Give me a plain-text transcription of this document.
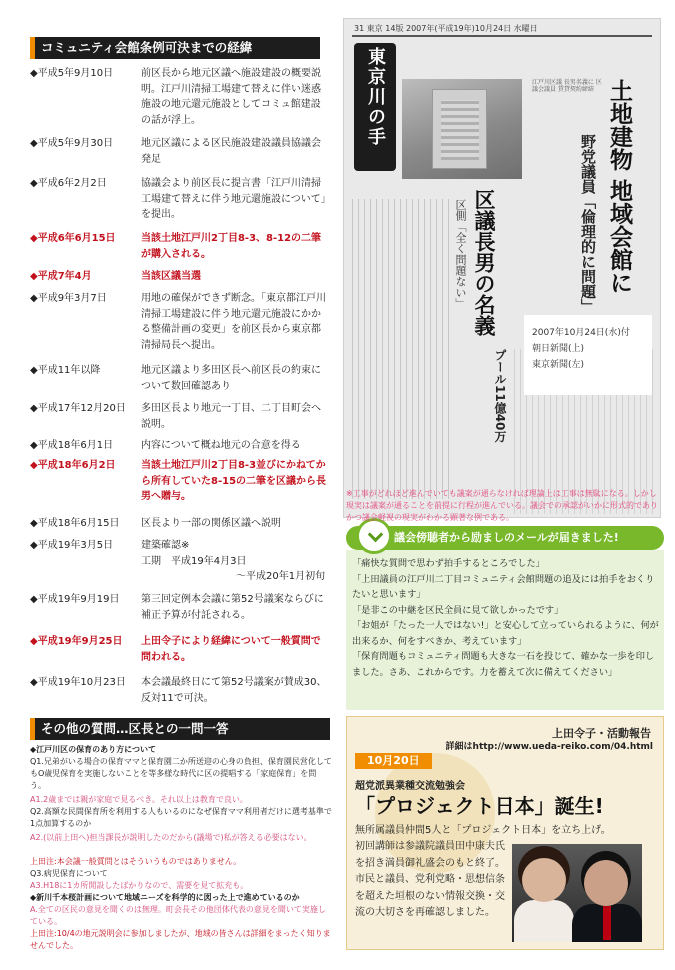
コミュニティ会館条例可決までの経緯
◆平成5年9月10日	前区長から地元区議へ施設建設の概要説明。江戸川清掃工場建て替えに伴い迷惑施設の地元還元施設としてコミュ館建設の話が浮上。
◆平成5年9月30日	地元区議による区民施設建設議員協議会発足
◆平成6年2月2日	協議会より前区長に提言書「江戸川清掃工場建て替えに伴う地元還施設について」を提出。
◆平成6年6月15日	当該土地江戸川2丁目8-3、8-12の二筆が購入される。
◆平成7年4月	当該区議当選
◆平成9年3月7日	用地の確保ができず断念。「東京都江戸川清掃工場建設に伴う地元還元施設にかかる整備計画の変更」を前区長から東京都清掃局長へ提出。
◆平成11年以降	地元区議より多田区長へ前区長の約束について数回確認あり
◆平成17年12月20日	多田区長より地元一丁目、二丁目町会へ説明。
◆平成18年6月1日	内容について概ね地元の合意を得る
◆平成18年6月2日	当該土地江戸川2丁目8-3並びにかねてから所有していた8-15の二筆を区議から長男へ贈与。
◆平成18年6月15日	区長より一部の関係区議へ説明
◆平成19年3月5日	建築確認※
工期　平成19年4月3日
～平成20年1月初旬
◆平成19年9月19日	第三回定例本会議に第52号議案ならびに補正予算が付託される。
◆平成19年9月25日	上田令子により経緯について一般質問で問われる。
◆平成19年10月23日	本会議最終日にて第52号議案が賛成30、反対11で可決。
その他の質問…区長との一問一答
◆江戸川区の保育のあり方について
Q1.兄弟がいる場合の保育ママと保育園二か所送迎の心身の負担、保育園民営化してもO歳児保育を実施しないことを等多様な時代に区の提唱する「家庭保育」を問う。
A1.2歳までは親が家庭で見るべき。それ以上は教育で良い。
Q2.高額な民間保育所を利用する人もいるのになぜ保育ママ利用者だけに選考基準で1点加算するのか
A2.(以前上田へ)担当課長が説明したのだから(議場で)私が答える必要はない。
上田注:本会議一般質問とはそういうものではありません。
Q3.病児保育について
A3.H18に1カ所開設したばかりなので、需要を見て拡充も。
◆新川千本桜計画について地域ニーズを科学的に図った上で進めているのか
A.全ての区民の意見を聞くのは無理。町会長その他団体代表の意見を聞いて実施している。
上田注:10/4の地元説明会に参加しましたが、地域の皆さんは詳細をまったく知りませんでした。
31 東京 14版 2007年(平成19年)10月24日 水曜日
東京川の手
江戸川区議 長男名義に 区議会議員 賃貸契約締結 土地建物 地域会館に
野党議員「倫理的に問題」
区議長男の名義
区側「全く問題ない」
プール11億40万
2007年10月24日(水)付
朝日新聞(上)
東京新聞(左)
議会傍聴者から励ましのメールが届きました!
「痛快な質問で思わず拍手するところでした」
「上田議員の江戸川二丁目コミュニティ会館問題の追及には拍手をおくりたいと思います」
「是非この中継を区民全員に見て欲しかったです」
「お姐が「たった一人ではない!」と安心して立っていられるように、何が出来るか、何をすべきか、考えています」
「保育問題もコミュニティ問題も大きな一石を投じて、確かな一歩を印しました。さあ、これからです。力を蓄えて次に備えてください」
※工事がどれほど進んでいても議案が通らなければ理論上は工事は無駄になる。しかし現実は議案が通ることを前提に行程が進んでいる。議会での承認がいかに形式的でありかつ議会軽視の現実がわかる顕著な例である。
上田令子・活動報告
詳細はhttp://www.ueda-reiko.com/04.html
10月20日
超党派異業種交流勉強会
「プロジェクト日本」誕生!
無所属議員仲間5人と「プロジェクト日本」を立ち上げ。
初回講師は参議院議員田中康夫氏を招き満員御礼盛会のもと終了。市民と議員、党利党略・思想信条を超えた垣根のない情報交換・交流の大切さを再確認しました。
